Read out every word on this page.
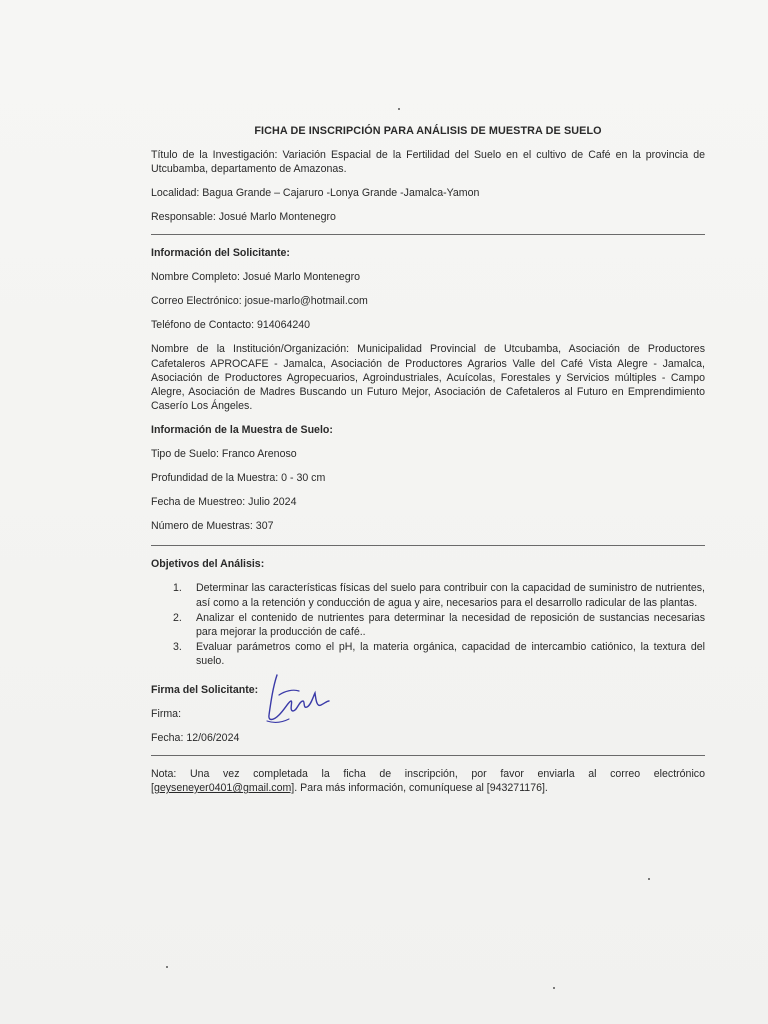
FICHA DE INSCRIPCIÓN PARA ANÁLISIS DE MUESTRA DE SUELO
Título de la Investigación: Variación Espacial de la Fertilidad del Suelo en el cultivo de Café en la provincia de Utcubamba, departamento de Amazonas.
Localidad: Bagua Grande – Cajaruro -Lonya Grande -Jamalca-Yamon
Responsable: Josué Marlo Montenegro
Información del Solicitante:
Nombre Completo: Josué Marlo Montenegro
Correo Electrónico: josue-marlo@hotmail.com
Teléfono de Contacto: 914064240
Nombre de la Institución/Organización: Municipalidad Provincial de Utcubamba, Asociación de Productores Cafetaleros APROCAFE - Jamalca, Asociación de Productores Agrarios Valle del Café Vista Alegre - Jamalca, Asociación de Productores Agropecuarios, Agroindustriales, Acuícolas, Forestales y Servicios múltiples - Campo Alegre, Asociación de Madres Buscando un Futuro Mejor, Asociación de Cafetaleros al Futuro en Emprendimiento Caserío Los Ángeles.
Información de la Muestra de Suelo:
Tipo de Suelo: Franco Arenoso
Profundidad de la Muestra: 0 - 30 cm
Fecha de Muestreo: Julio 2024
Número de Muestras: 307
Objetivos del Análisis:
1. Determinar las características físicas del suelo para contribuir con la capacidad de suministro de nutrientes, así como a la retención y conducción de agua y aire, necesarios para el desarrollo radicular de las plantas.
2. Analizar el contenido de nutrientes para determinar la necesidad de reposición de sustancias necesarias para mejorar la producción de café..
3. Evaluar parámetros como el pH, la materia orgánica, capacidad de intercambio catiónico, la textura del suelo.
Firma del Solicitante:
Firma:
Fecha: 12/06/2024
Nota: Una vez completada la ficha de inscripción, por favor enviarla al correo electrónico [geyseneyer0401@gmail.com]. Para más información, comuníquese al [943271176].
